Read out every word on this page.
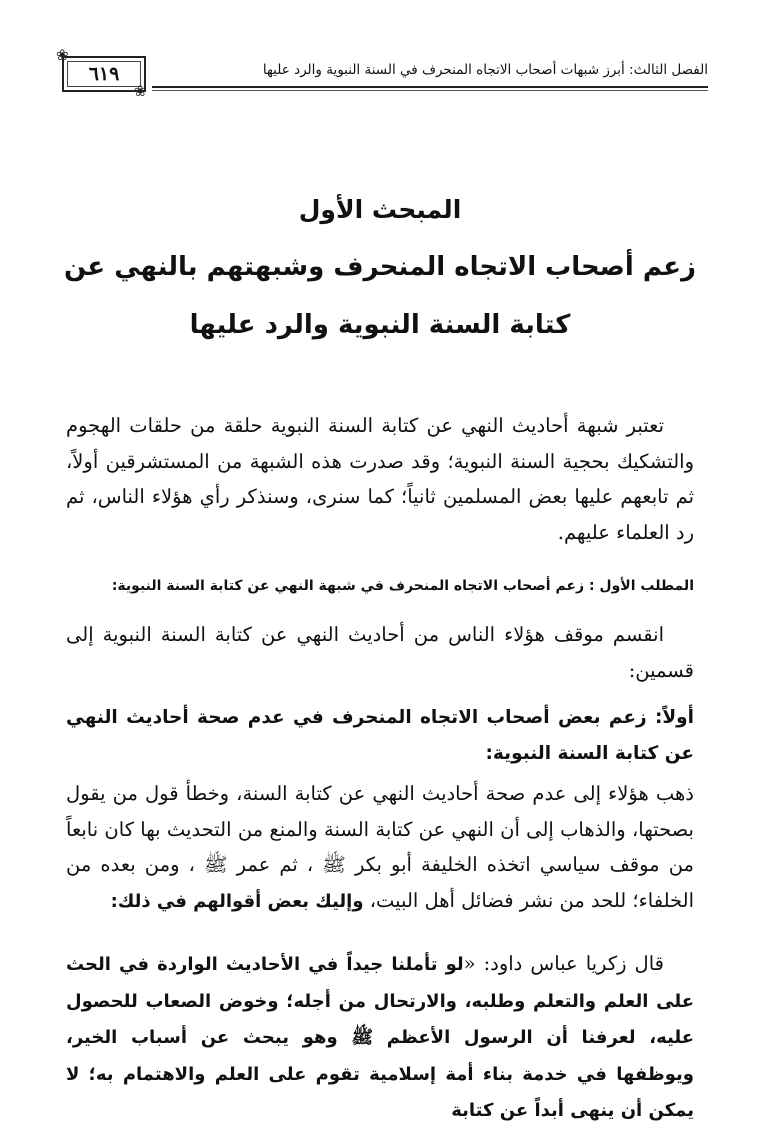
الفصل الثالث: أبرز شبهات أصحاب الاتجاه المنحرف في السنة النبوية والرد عليها
٦١٩
❀
❀
المبحث الأول
زعم أصحاب الاتجاه المنحرف وشبهتهم بالنهي عن
كتابة السنة النبوية والرد عليها
تعتبر شبهة أحاديث النهي عن كتابة السنة النبوية حلقة من حلقات الهجوم والتشكيك بحجية السنة النبوية؛ وقد صدرت هذه الشبهة من المستشرقين أولاً، ثم تابعهم عليها بعض المسلمين ثانياً؛ كما سنرى، وسنذكر رأي هؤلاء الناس، ثم رد العلماء عليهم.
المطلب الأول : زعم أصحاب الاتجاه المنحرف في شبهة النهي عن كتابة السنة النبوية:
انقسم موقف هؤلاء الناس من أحاديث النهي عن كتابة السنة النبوية إلى قسمين:
أولاً: زعم بعض أصحاب الاتجاه المنحرف في عدم صحة أحاديث النهي عن كتابة السنة النبوية:
ذهب هؤلاء إلى عدم صحة أحاديث النهي عن كتابة السنة، وخطأ قول من يقول بصحتها، والذهاب إلى أن النهي عن كتابة السنة والمنع من التحديث بها كان نابعاً من موقف سياسي اتخذه الخليفة أبو بكر ﷺ ، ثم عمر ﷺ ، ومن بعده من الخلفاء؛ للحد من نشر فضائل أهل البيت، وإليك بعض أقوالهم في ذلك:
قال زكريا عباس داود: «لو تأملنا جيداً في الأحاديث الواردة في الحث على العلم والتعلم وطلبه، والارتحال من أجله؛ وخوض الصعاب للحصول عليه، لعرفنا أن الرسول الأعظم ﷺ وهو يبحث عن أسباب الخير، ويوظفها في خدمة بناء أمة إسلامية تقوم على العلم والاهتمام به؛ لا يمكن أن ينهى أبداً عن كتابة
